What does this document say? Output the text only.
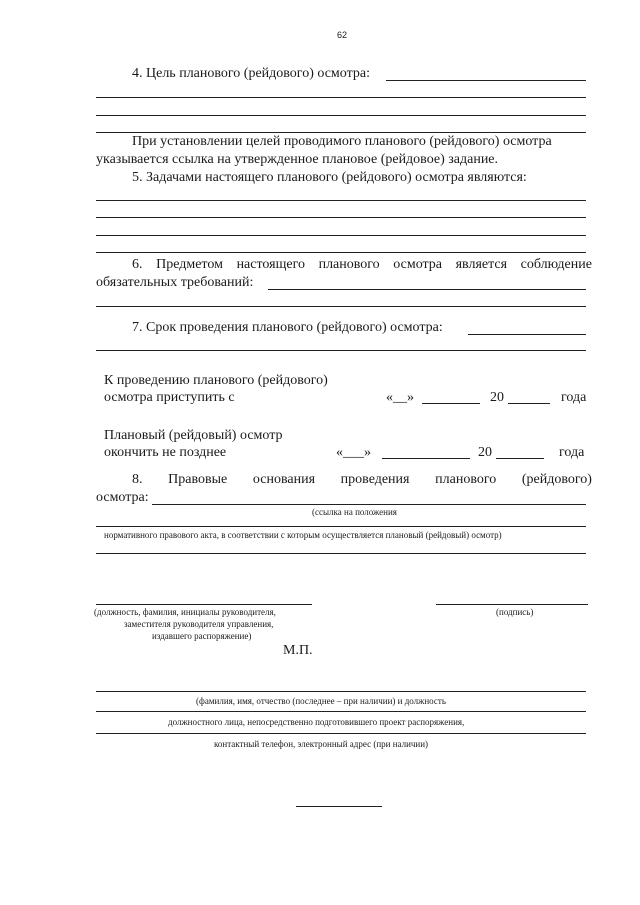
62
4. Цель планового (рейдового) осмотра:
При установлении целей проводимого планового (рейдового) осмотра
указывается ссылка на утвержденное плановое (рейдовое) задание.
5. Задачами настоящего планового (рейдового) осмотра являются:
6. Предметом настоящего планового осмотра является соблюдение
обязательных требований:
7. Срок проведения планового (рейдового) осмотра:
К проведению планового (рейдового)
осмотра приступить с	«__»	20	года
Плановый (рейдовый) осмотр
окончить не позднее	«___»	20	года
8. Правовые основания проведения планового (рейдового)
осмотра:
(ссылка на положения
нормативного правового акта, в соответствии с которым осуществляется плановый (рейдовый) осмотр)
(должность, фамилия, инициалы руководителя,
заместителя руководителя управления,
издавшего распоряжение)
(подпись)
М.П.
(фамилия, имя, отчество (последнее – при наличии) и должность
должностного лица, непосредственно подготовившего проект распоряжения,
контактный телефон, электронный адрес (при наличии)
